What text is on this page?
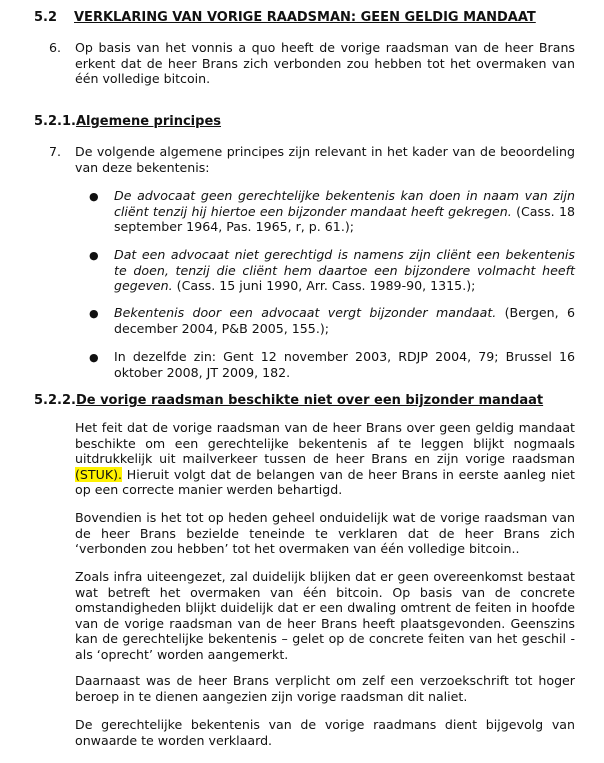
5.2 VERKLARING VAN VORIGE RAADSMAN: GEEN GELDIG MANDAAT
6. Op basis van het vonnis a quo heeft de vorige raadsman van de heer Brans erkent dat de heer Brans zich verbonden zou hebben tot het overmaken van één volledige bitcoin.
5.2.1.Algemene principes
7. De volgende algemene principes zijn relevant in het kader van de beoordeling van deze bekentenis:
● De advocaat geen gerechtelijke bekentenis kan doen in naam van zijn cliënt tenzij hij hiertoe een bijzonder mandaat heeft gekregen. (Cass. 18 september 1964, Pas. 1965, r, p. 61.);
● Dat een advocaat niet gerechtigd is namens zijn cliënt een bekentenis te doen, tenzij die cliënt hem daartoe een bijzondere volmacht heeft gegeven. (Cass. 15 juni 1990, Arr. Cass. 1989-90, 1315.);
● Bekentenis door een advocaat vergt bijzonder mandaat. (Bergen, 6 december 2004, P&B 2005, 155.);
● In dezelfde zin: Gent 12 november 2003, RDJP 2004, 79; Brussel 16 oktober 2008, JT 2009, 182.
5.2.2.De vorige raadsman beschikte niet over een bijzonder mandaat
Het feit dat de vorige raadsman van de heer Brans over geen geldig mandaat beschikte om een gerechtelijke bekentenis af te leggen blijkt nogmaals uitdrukkelijk uit mailverkeer tussen de heer Brans en zijn vorige raadsman (STUK). Hieruit volgt dat de belangen van de heer Brans in eerste aanleg niet op een correcte manier werden behartigd.
Bovendien is het tot op heden geheel onduidelijk wat de vorige raadsman van de heer Brans bezielde teneinde te verklaren dat de heer Brans zich ‘verbonden zou hebben’ tot het overmaken van één volledige bitcoin..
Zoals infra uiteengezet, zal duidelijk blijken dat er geen overeenkomst bestaat wat betreft het overmaken van één bitcoin. Op basis van de concrete omstandigheden blijkt duidelijk dat er een dwaling omtrent de feiten in hoofde van de vorige raadsman van de heer Brans heeft plaatsgevonden. Geenszins kan de gerechtelijke bekentenis – gelet op de concrete feiten van het geschil - als ‘oprecht’ worden aangemerkt.
Daarnaast was de heer Brans verplicht om zelf een verzoekschrift tot hoger beroep in te dienen aangezien zijn vorige raadsman dit naliet.
De gerechtelijke bekentenis van de vorige raadmans dient bijgevolg van onwaarde te worden verklaard.
